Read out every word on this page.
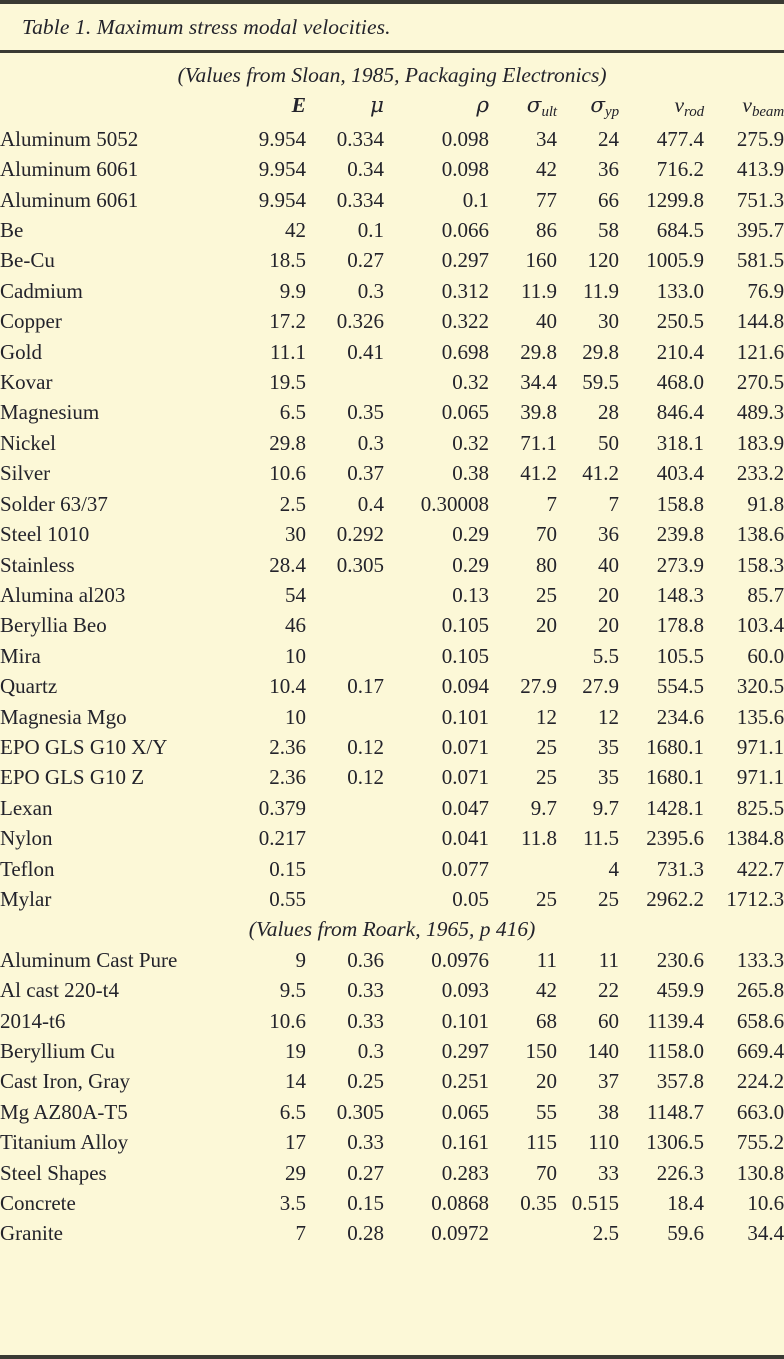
Table 1. Maximum stress modal velocities.
(Values from Sloan, 1985, Packaging Electronics)							
	E	μ	ρ	σult	σyp	vrod	vbeam
Aluminum 5052	9.954	0.334	0.098	34	24	477.4	275.9
Aluminum 6061	9.954	0.34	0.098	42	36	716.2	413.9
Aluminum 6061	9.954	0.334	0.1	77	66	1299.8	751.3
Be	42	0.1	0.066	86	58	684.5	395.7
Be-Cu	18.5	0.27	0.297	160	120	1005.9	581.5
Cadmium	9.9	0.3	0.312	11.9	11.9	133.0	76.9
Copper	17.2	0.326	0.322	40	30	250.5	144.8
Gold	11.1	0.41	0.698	29.8	29.8	210.4	121.6
Kovar	19.5		0.32	34.4	59.5	468.0	270.5
Magnesium	6.5	0.35	0.065	39.8	28	846.4	489.3
Nickel	29.8	0.3	0.32	71.1	50	318.1	183.9
Silver	10.6	0.37	0.38	41.2	41.2	403.4	233.2
Solder 63/37	2.5	0.4	0.30008	7	7	158.8	91.8
Steel 1010	30	0.292	0.29	70	36	239.8	138.6
Stainless	28.4	0.305	0.29	80	40	273.9	158.3
Alumina al203	54		0.13	25	20	148.3	85.7
Beryllia Beo	46		0.105	20	20	178.8	103.4
Mira	10		0.105		5.5	105.5	60.0
Quartz	10.4	0.17	0.094	27.9	27.9	554.5	320.5
Magnesia Mgo	10		0.101	12	12	234.6	135.6
EPO GLS G10 X/Y	2.36	0.12	0.071	25	35	1680.1	971.1
EPO GLS G10 Z	2.36	0.12	0.071	25	35	1680.1	971.1
Lexan	0.379		0.047	9.7	9.7	1428.1	825.5
Nylon	0.217		0.041	11.8	11.5	2395.6	1384.8
Teflon	0.15		0.077		4	731.3	422.7
Mylar	0.55		0.05	25	25	2962.2	1712.3
(Values from Roark, 1965, p 416)							
Aluminum Cast Pure	9	0.36	0.0976	11	11	230.6	133.3
Al cast 220-t4	9.5	0.33	0.093	42	22	459.9	265.8
2014-t6	10.6	0.33	0.101	68	60	1139.4	658.6
Beryllium Cu	19	0.3	0.297	150	140	1158.0	669.4
Cast Iron, Gray	14	0.25	0.251	20	37	357.8	224.2
Mg AZ80A-T5	6.5	0.305	0.065	55	38	1148.7	663.0
Titanium Alloy	17	0.33	0.161	115	110	1306.5	755.2
Steel Shapes	29	0.27	0.283	70	33	226.3	130.8
Concrete	3.5	0.15	0.0868	0.35	0.515	18.4	10.6
Granite	7	0.28	0.0972		2.5	59.6	34.4
